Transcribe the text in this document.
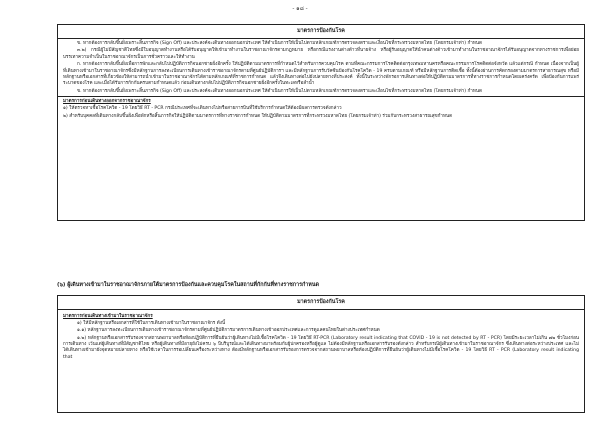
- ๑๘ -
มาตรการป้องกันโรค

ข. หากต้องการกลับขึ้นฝั่งเพราะสิ้นภารกิจ (Sign Off) และประสงค์จะเดินทางออกนอกประเทศ ให้ดำเนินการให้เป็นไปตามหลักเกณฑ์การตรวจลงตราและเงื่อนไขที่กระทรวงมหาดไทย (โดยกรมเจ้าท่า) กำหนด

๓.๒) กรณีผู้ไม่มีสัญชาติไทยซึ่งมีใบอนุญาตทำงานหรือได้รับอนุญาตให้เข้ามาทำงานในราชอาณาจักรตามกฎหมาย หรือกรณีแรงงานต่างด้าวที่นายจ้าง หรือผู้รับอนุญาตให้นำคนต่างด้าวเข้ามาทำงานในราชอาณาจักรได้รับอนุญาตจากทางราชการเพื่อย่อยบรรเทาความจำเป็นในราชอาณาจักรเป็นการชั่วคราวและให้ทำงาน

ก. หากต้องการกลับขึ้นฝั่งเพื่อการพักและกลับไปปฏิบัติภารกิจนอกชายฝั่งอีกครั้ง ให้ปฏิบัติตามมาตรการที่กำหนดไว้สำหรับการควบคุมโรค ตามที่คณะกรรมการโรคติดต่อกรุงเทพมหานครหรือคณะกรรมการโรคติดต่อจังหวัด แล้วแต่กรณี กำหนด เนื่องจากเป็นผู้ที่เดินทางเข้ามาในราชอาณาจักรซึ่งมีหลักฐานการลงทะเบียนการเดินทางเข้าราชอาณาจักรตามที่ศูนย์ปฏิบัติการฯ และมีหลักฐานการรับวัคซีนป้องกันโรคโควิด - 19 ครบตามเกณฑ์ หรือมีหลักฐานการติดเชื้อ ทั้งนี้ต้องผ่านการคัดกรองตามมาตรการสาธารณสุข หรือมีหลักฐานหรือเอกสารที่เกี่ยวข้องให้สามารถนำเข้ามาในราชอาณาจักรได้ตามหลักเกณฑ์ที่ราชการกำหนด แล้วจึงเดินทางต่อไปยังปลายทางที่ประสงค์ ทั้งนี้ในระหว่างพักรอการเดินทางต่อให้ปฏิบัติตามมาตรการที่ทางราชการกำหนดโดยเคร่งครัด เพื่อป้องกันการแพร่ระบาดของโรค และเมื่อได้รับการกักกันครบตามกำหนดแล้ว ก่อนเดินทางกลับไปปฏิบัติภารกิจนอกชายฝั่งอีกครั้งในทะเลหรือลำน้ำ

ข. หากต้องการกลับขึ้นฝั่งเพราะสิ้นภารกิจ (Sign Off) และประสงค์จะเดินทางออกนอกประเทศ ให้ดำเนินการให้เป็นไปตามหลักเกณฑ์การตรวจลงตราและเงื่อนไขที่กระทรวงมหาดไทย (โดยกรมเจ้าท่า) กำหนด

มาตรการก่อนเดินทางออกจากราชอาณาจักร

๑) ให้ตรวจหาเชื้อโรคโควิด - 19 โดยวิธี RT - PCR กรณีประเทศที่จะเดินทางไปหรือสายการบินที่ใช้บริการกำหนดให้ต้องมีผลการตรวจดังกล่าว

๒) สำหรับบุคคลที่เดินทางกลับขึ้นฝั่งเพื่อพักหรือสิ้นภารกิจให้ปฏิบัติตามมาตรการที่ทางราชการกำหนด ให้ปฏิบัติตามมาตรการที่กระทรวงมหาดไทย (โดยกรมเจ้าท่า) ร่วมกับกระทรวงสาธารณสุขกำหนด

(๖) ผู้เดินทางเข้ามาในราชอาณาจักรภายใต้มาตรการป้องกันและควบคุมโรคในสถานที่กักกันที่ทางราชการกำหนด
มาตรการป้องกันโรค

มาตรการก่อนเดินทางเข้ามาในราชอาณาจักร

๑) ให้มีหลักฐานหรือเอกสารที่ใช้ในการเดินทางเข้ามาในราชอาณาจักร ดังนี้

๑.๑) หลักฐานการลงทะเบียนการเดินทางเข้าราชอาณาจักรตามที่ศูนย์ปฏิบัติการมาตรการเดินทางเข้าออกประเทศและการดูแลคนไทยในต่างประเทศกำหนด

๑.๒) หลักฐานหรือเอกสารรับรองจากสถานพยาบาลหรือห้องปฏิบัติการที่ยืนยันว่าผู้เดินทางไม่มีเชื้อโรคโควิด - 19 โดยวิธี RT-PCR (Laboratory result indicating that COVID - 19 is not detected by RT - PCR) โดยมีระยะเวลาไม่เกิน ๗๒ ชั่วโมงก่อนการเดินทาง เว้นแต่ผู้เดินทางที่มีสัญชาติไทย หรือผู้เดินทางที่มีอายุยังไม่ครบ ๖ ปีบริบูรณ์และได้เดินทางมาพร้อมกับผู้ปกครองหรือผู้ดูแล ไม่ต้องมีหลักฐานหรือเอกสารรับรองดังกล่าว สำหรับกรณีผู้เดินทางเข้ามาในราชอาณาจักร ซึ่งเดินทางต่อระหว่างประเทศ และไม่ได้เดินทางเข้ามายังจุดหมายปลายทาง หรือใช้เวลาในการรอเปลี่ยนเครื่องระหว่างทาง ต้องมีหลักฐานหรือเอกสารรับรองการตรวจจากสถานพยาบาลหรือห้องปฏิบัติการที่ยืนยันว่าผู้เดินทางไม่มีเชื้อโรคโควิด - 19 โดยวิธี RT - PCR (Laboratory result indicating that
